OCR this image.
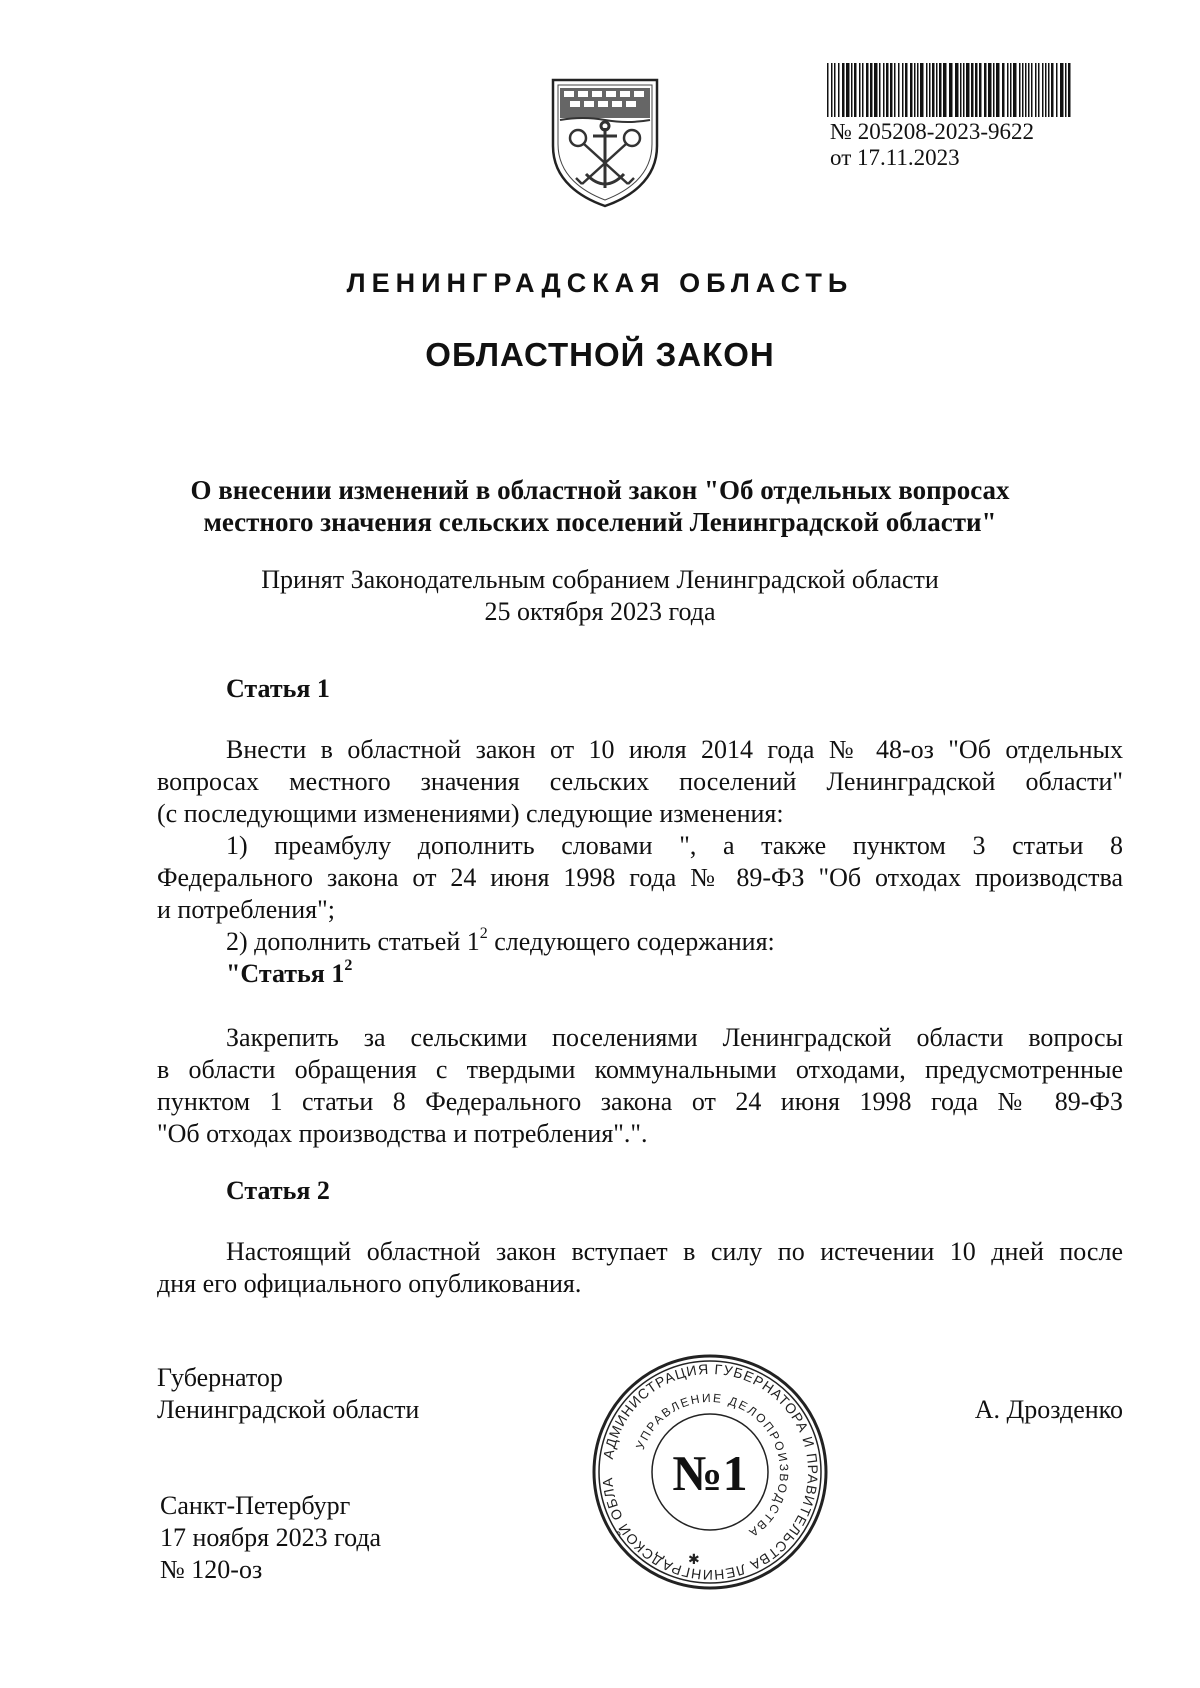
№ 205208-2023-9622
от 17.11.2023
ЛЕНИНГРАДСКАЯ ОБЛАСТЬ
ОБЛАСТНОЙ ЗАКОН
О внесении изменений в областной закон "Об отдельных вопросах
местного значения сельских поселений Ленинградской области"
Принят Законодательным собранием Ленинградской области
25 октября 2023 года
Статья 1
Внести в областной закон от 10 июля 2014 года № 48-оз "Об отдельных
вопросах местного значения сельских поселений Ленинградской области"
(с последующими изменениями) следующие изменения:
1) преамбулу дополнить словами ", а также пунктом 3 статьи 8
Федерального закона от 24 июня 1998 года № 89-ФЗ "Об отходах производства
и потребления";
2) дополнить статьей $1^2$ следующего содержания:
"Статья $1^2$
Закрепить за сельскими поселениями Ленинградской области вопросы
в области обращения с твердыми коммунальными отходами, предусмотренные
пунктом 1 статьи 8 Федерального закона от 24 июня 1998 года № 89-ФЗ
"Об отходах производства и потребления".".
Статья 2
Настоящий областной закон вступает в силу по истечении 10 дней после
дня его официального опубликования.
Губернатор
Ленинградской области	А. Дрозденко
Санкт-Петербург
17 ноября 2023 года
№ 120-оз
АДМИНИСТРАЦИЯ ГУБЕРНАТОРА И ПРАВИТЕЛЬСТВА ЛЕНИНГРАДСКОЙ ОБЛА
УПРАВЛЕНИЕ ДЕЛОПРОИЗВОДСТВА
№1
✱
